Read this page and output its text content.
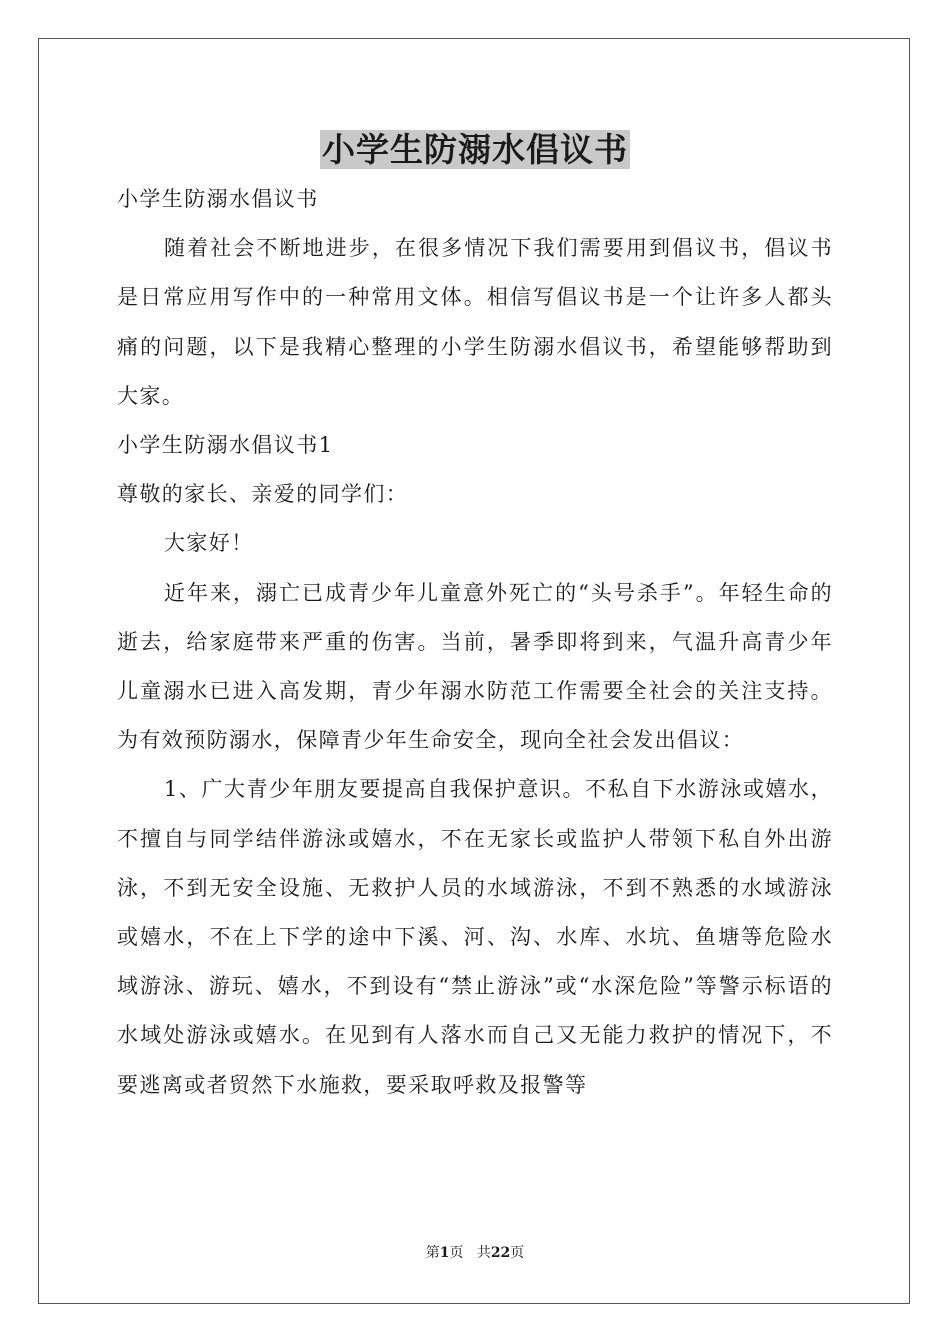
小学生防溺水倡议书

小学生防溺水倡议书

随着社会不断地进步，在很多情况下我们需要用到倡议书，倡议书是日常应用写作中的一种常用文体。相信写倡议书是一个让许多人都头痛的问题，以下是我精心整理的小学生防溺水倡议书，希望能够帮助到大家。

小学生防溺水倡议书1

尊敬的家长、亲爱的同学们：

大家好！

近年来，溺亡已成青少年儿童意外死亡的“头号杀手”。年轻生命的逝去，给家庭带来严重的伤害。当前，暑季即将到来，气温升高青少年儿童溺水已进入高发期，青少年溺水防范工作需要全社会的关注支持。为有效预防溺水，保障青少年生命安全，现向全社会发出倡议：

1、广大青少年朋友要提高自我保护意识。不私自下水游泳或嬉水，不擅自与同学结伴游泳或嬉水，不在无家长或监护人带领下私自外出游泳，不到无安全设施、无救护人员的水域游泳，不到不熟悉的水域游泳或嬉水，不在上下学的途中下溪、河、沟、水库、水坑、鱼塘等危险水域游泳、游玩、嬉水，不到设有“禁止游泳”或“水深危险”等警示标语的水域处游泳或嬉水。在见到有人落水而自己又无能力救护的情况下，不要逃离或者贸然下水施救，要采取呼救及报警等

第1页 共22页
